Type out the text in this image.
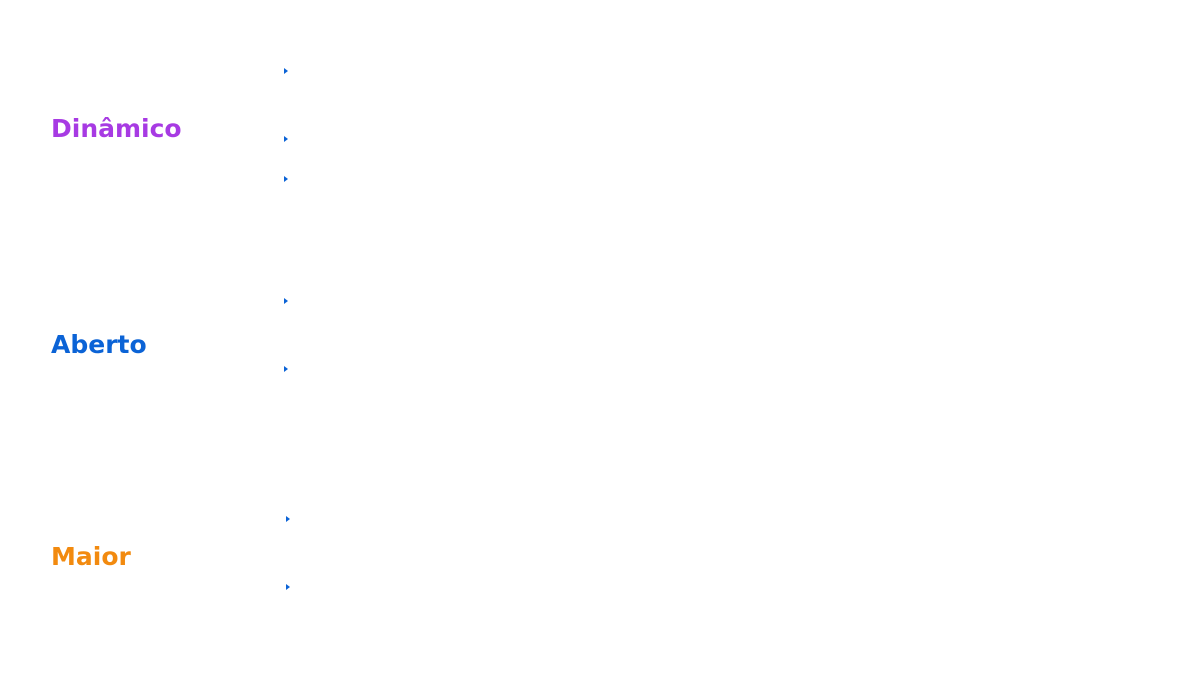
Dinâmico
Aberto
Maior
